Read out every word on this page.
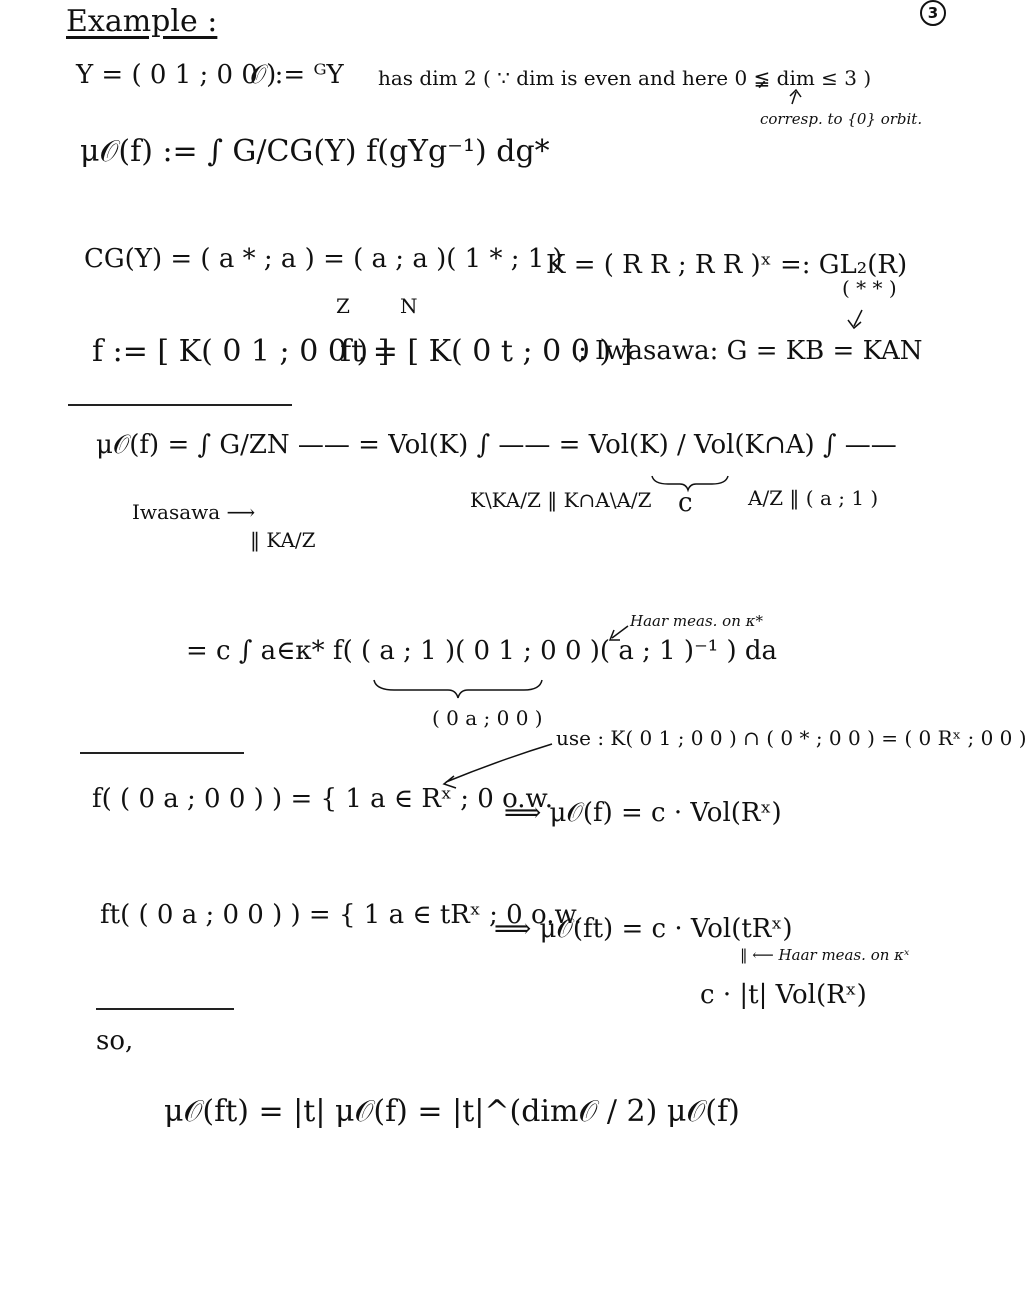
3
Example :
Υ = ( 0 1 ; 0 0 )
𝒪 := ᴳΥ has dim 2 ( ∵ dim is even and here 0 ≨ dim ≤ 3 )
corresp. to {0} orbit.
μ𝒪(f) := ∫ G/CG(Υ) f(gΥg⁻¹) dg*
CG(Υ) = ( a * ; a ) = ( a ; a )( 1 * ; 1 )
Z	N
K = ( R R ; R R )ˣ =: GL₂(R)
f := [ K( 0 1 ; 0 0 ) ]
ft = [ K( 0 t ; 0 0 ) ]
; Iwasawa: G = KB = KAN
( * * )
μ𝒪(f) = ∫ G/ZN —— = Vol(K) ∫ —— = Vol(K) / Vol(K∩A) ∫ ——
Iwasawa ⟶
‖ KA/Z
K\KA/Z ‖ K∩A\A/Z c	A/Z ‖ ( a ; 1 )
= c ∫ a∈κ* f( ( a ; 1 )( 0 1 ; 0 0 )( a ; 1 )⁻¹ ) da
( 0 a ; 0 0 )
Haar meas. on κ*
use : K( 0 1 ; 0 0 ) ∩ ( 0 * ; 0 0 ) = ( 0 Rˣ ; 0 0 )
f( ( 0 a ; 0 0 ) ) = { 1 a ∈ Rˣ ; 0 o.w.
⟹ μ𝒪(f) = c · Vol(Rˣ)
ft( ( 0 a ; 0 0 ) ) = { 1 a ∈ tRˣ ; 0 o.w.
⟹ μ𝒪(ft) = c · Vol(tRˣ)
‖ ⟵ Haar meas. on κˣ
c · |t| Vol(Rˣ)
so,
μ𝒪(ft) = |t| μ𝒪(f) = |t|^(dim𝒪 / 2) μ𝒪(f)
